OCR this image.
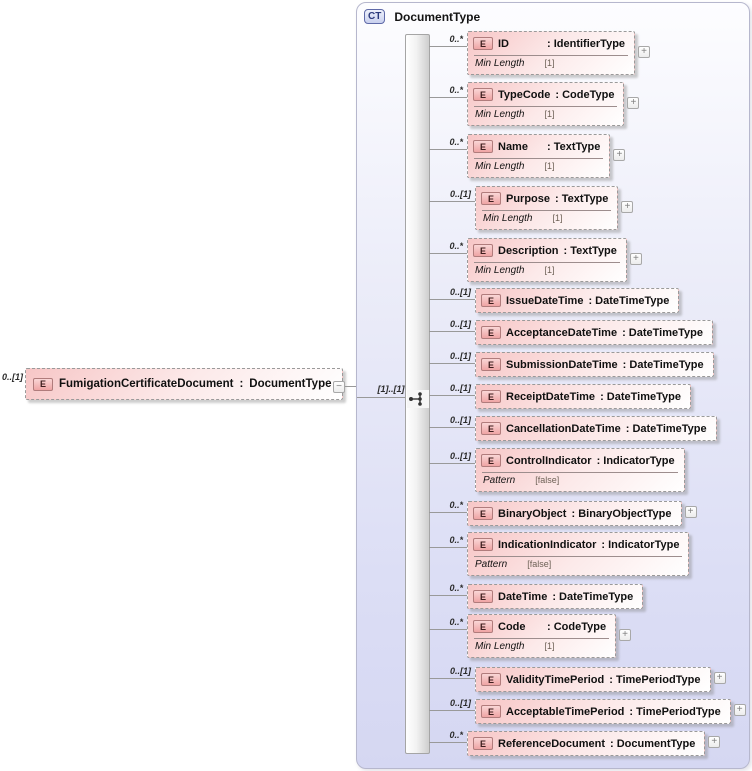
0..[1]
E	FumigationCertificateDocument : DocumentType −
CT	DocumentType
[1]..[1]
0..*	E	ID	: IdentifierType
Min Length [1]
+
0..*	E	TypeCode : CodeType
Min Length [1]
+
0..*	E	Name	: TextType
Min Length [1]
+
0..[1]	E	Purpose : TextType
Min Length [1]
+
0..*	E	Description : TextType
Min Length [1]
+
0..[1]
E	IssueDateTime : DateTimeType
0..[1]
E	AcceptanceDateTime : DateTimeType
0..[1]
E	SubmissionDateTime : DateTimeType
0..[1]
E	ReceiptDateTime : DateTimeType
0..[1]
E	CancellationDateTime : DateTimeType
0..[1]	E	ControlIndicator : IndicatorType
Pattern [false]
0..*
E	BinaryObject : BinaryObjectType	+
0..*	E	IndicationIndicator : IndicatorType
Pattern [false]
0..*
E	DateTime : DateTimeType
0..*	E	Code	: CodeType
Min Length [1]
+
0..[1]
E	ValidityTimePeriod : TimePeriodType	+
0..[1]
E	AcceptableTimePeriod : TimePeriodType	+
0..*
E	ReferenceDocument : DocumentType	+
